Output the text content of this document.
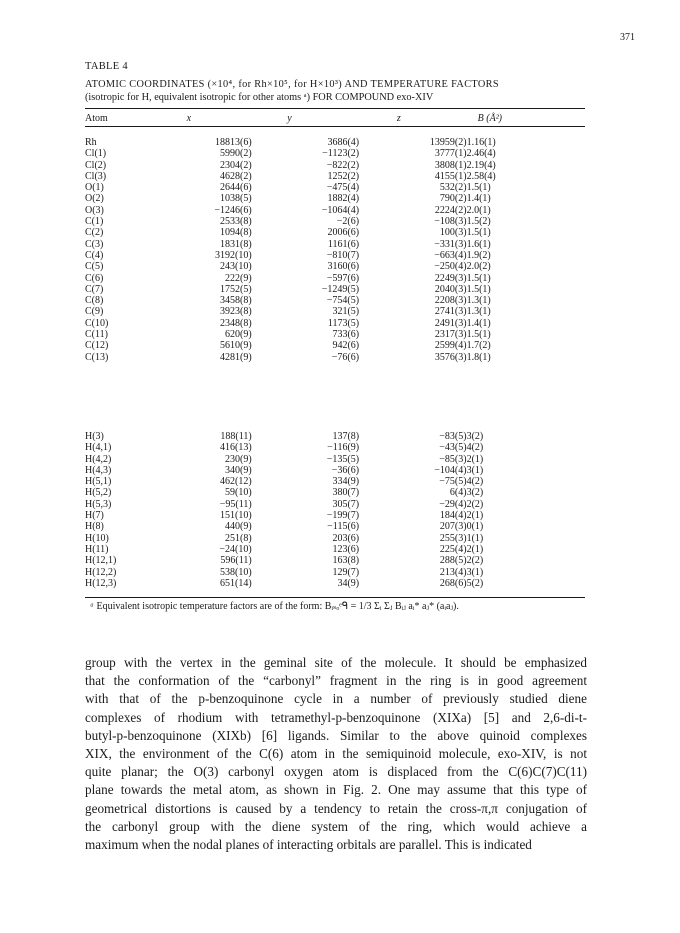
371
TABLE 4
ATOMIC COORDINATES (×10⁴, for Rh×10⁵, for H×10³) AND TEMPERATURE FACTORS
(isotropic for H, equivalent isotropic for other atoms ᵃ) FOR COMPOUND exo-XIV
Atom	x	y	z	B (Å²)
Rh	18813(6)	3686(4)	13959(2)	1.16(1)
Cl(1)	5990(2)	−1123(2)	3777(1)	2.46(4)
Cl(2)	2304(2)	−822(2)	3808(1)	2.19(4)
Cl(3)	4628(2)	1252(2)	4155(1)	2.58(4)
O(1)	2644(6)	−475(4)	532(2)	1.5(1)
O(2)	1038(5)	1882(4)	790(2)	1.4(1)
O(3)	−1246(6)	−1064(4)	2224(2)	2.0(1)
C(1)	2533(8)	−2(6)	−108(3)	1.5(2)
C(2)	1094(8)	2006(6)	100(3)	1.5(1)
C(3)	1831(8)	1161(6)	−331(3)	1.6(1)
C(4)	3192(10)	−810(7)	−663(4)	1.9(2)
C(5)	243(10)	3160(6)	−250(4)	2.0(2)
C(6)	222(9)	−597(6)	2249(3)	1.5(1)
C(7)	1752(5)	−1249(5)	2040(3)	1.5(1)
C(8)	3458(8)	−754(5)	2208(3)	1.3(1)
C(9)	3923(8)	321(5)	2741(3)	1.3(1)
C(10)	2348(8)	1173(5)	2491(3)	1.4(1)
C(11)	620(9)	733(6)	2317(3)	1.5(1)
C(12)	5610(9)	942(6)	2599(4)	1.7(2)
C(13)	4281(9)	−76(6)	3576(3)	1.8(1)
H(3)	188(11)	137(8)	−83(5)	3(2)
H(4,1)	416(13)	−116(9)	−43(5)	4(2)
H(4,2)	230(9)	−135(5)	−85(3)	2(1)
H(4,3)	340(9)	−36(6)	−104(4)	3(1)
H(5,1)	462(12)	334(9)	−75(5)	4(2)
H(5,2)	59(10)	380(7)	6(4)	3(2)
H(5,3)	−95(11)	305(7)	−29(4)	2(2)
H(7)	151(10)	−199(7)	184(4)	2(1)
H(8)	440(9)	−115(6)	207(3)	0(1)
H(10)	251(8)	203(6)	255(3)	1(1)
H(11)	−24(10)	123(6)	225(4)	2(1)
H(12,1)	596(11)	163(8)	288(5)	2(2)
H(12,2)	538(10)	129(7)	213(4)	3(1)
H(12,3)	651(14)	34(9)	268(6)	5(2)
ᵃ Equivalent isotropic temperature factors are of the form: Bᵢₛₒᵉᑫ = 1/3 Σᵢ Σⱼ Bᵢⱼ aᵢ* aⱼ* (aᵢaⱼ).
group with the vertex in the geminal site of the molecule. It should be emphasized
that the conformation of the “carbonyl” fragment in the ring is in good agreement
with that of the p-benzoquinone cycle in a number of previously studied diene
complexes of rhodium with tetramethyl-p-benzoquinone (XIXa) [5] and 2,6-di-t-
butyl-p-benzoquinone (XIXb) [6] ligands. Similar to the above quinoid complexes
XIX, the environment of the C(6) atom in the semiquinoid molecule, exo-XIV, is not
quite planar; the O(3) carbonyl oxygen atom is displaced from the C(6)C(7)C(11)
plane towards the metal atom, as shown in Fig. 2. One may assume that this type of
geometrical distortions is caused by a tendency to retain the cross-π,π conjugation of
the carbonyl group with the diene system of the ring, which would achieve a
maximum when the nodal planes of interacting orbitals are parallel. This is indicated
